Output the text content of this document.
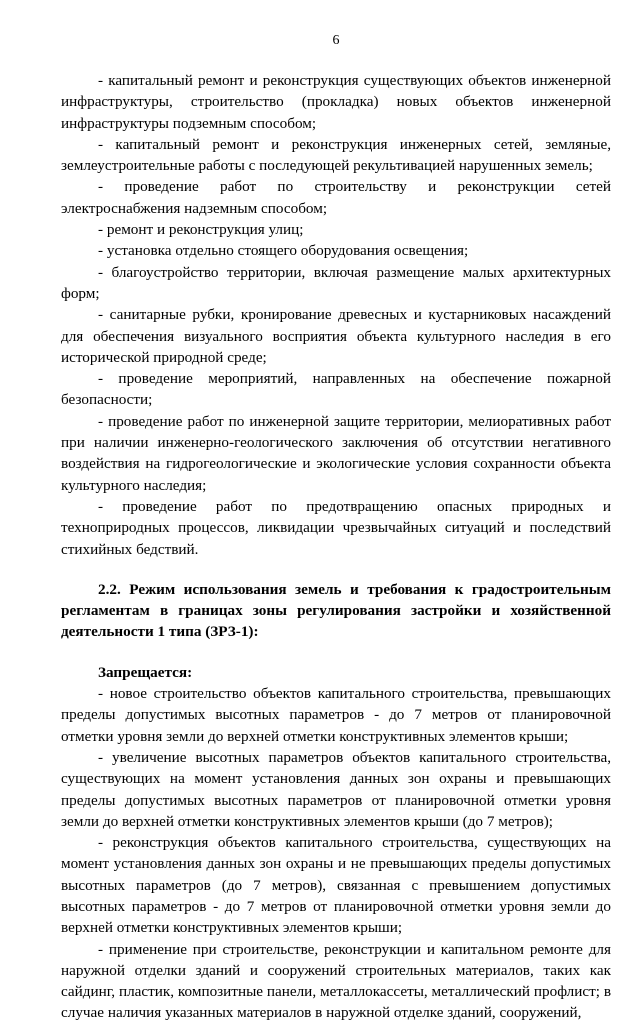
6

- капитальный ремонт и реконструкция существующих объектов инженерной инфраструктуры, строительство (прокладка) новых объектов инженерной инфраструктуры подземным способом;

- капитальный ремонт и реконструкция инженерных сетей, земляные, землеустроительные работы с последующей рекультивацией нарушенных земель;

- проведение работ по строительству и реконструкции сетей электроснабжения надземным способом;

- ремонт и реконструкция улиц;

- установка отдельно стоящего оборудования освещения;

- благоустройство территории, включая размещение малых архитектурных форм;

- санитарные рубки, кронирование древесных и кустарниковых насаждений для обеспечения визуального восприятия объекта культурного наследия в его исторической природной среде;

- проведение мероприятий, направленных на обеспечение пожарной безопасности;

- проведение работ по инженерной защите территории, мелиоративных работ при наличии инженерно-геологического заключения об отсутствии негативного воздействия на гидрогеологические и экологические условия сохранности объекта культурного наследия;

- проведение работ по предотвращению опасных природных и техноприродных процессов, ликвидации чрезвычайных ситуаций и последствий стихийных бедствий.

2.2. Режим использования земель и требования к градостроительным регламентам в границах зоны регулирования застройки и хозяйственной деятельности 1 типа (ЗРЗ-1):

Запрещается:

- новое строительство объектов капитального строительства, превышающих пределы допустимых высотных параметров - до 7 метров от планировочной отметки уровня земли до верхней отметки конструктивных элементов крыши;

- увеличение высотных параметров объектов капитального строительства, существующих на момент установления данных зон охраны и превышающих пределы допустимых высотных параметров от планировочной отметки уровня земли до верхней отметки конструктивных элементов крыши (до 7 метров);

- реконструкция объектов капитального строительства, существующих на момент установления данных зон охраны и не превышающих пределы допустимых высотных параметров (до 7 метров), связанная с превышением допустимых высотных параметров - до 7 метров от планировочной отметки уровня земли до верхней отметки конструктивных элементов крыши;

- применение при строительстве, реконструкции и капитальном ремонте для наружной отделки зданий и сооружений строительных материалов, таких как сайдинг, пластик, композитные панели, металлокассеты, металлический профлист; в случае наличия указанных материалов в наружной отделке зданий, сооружений,
